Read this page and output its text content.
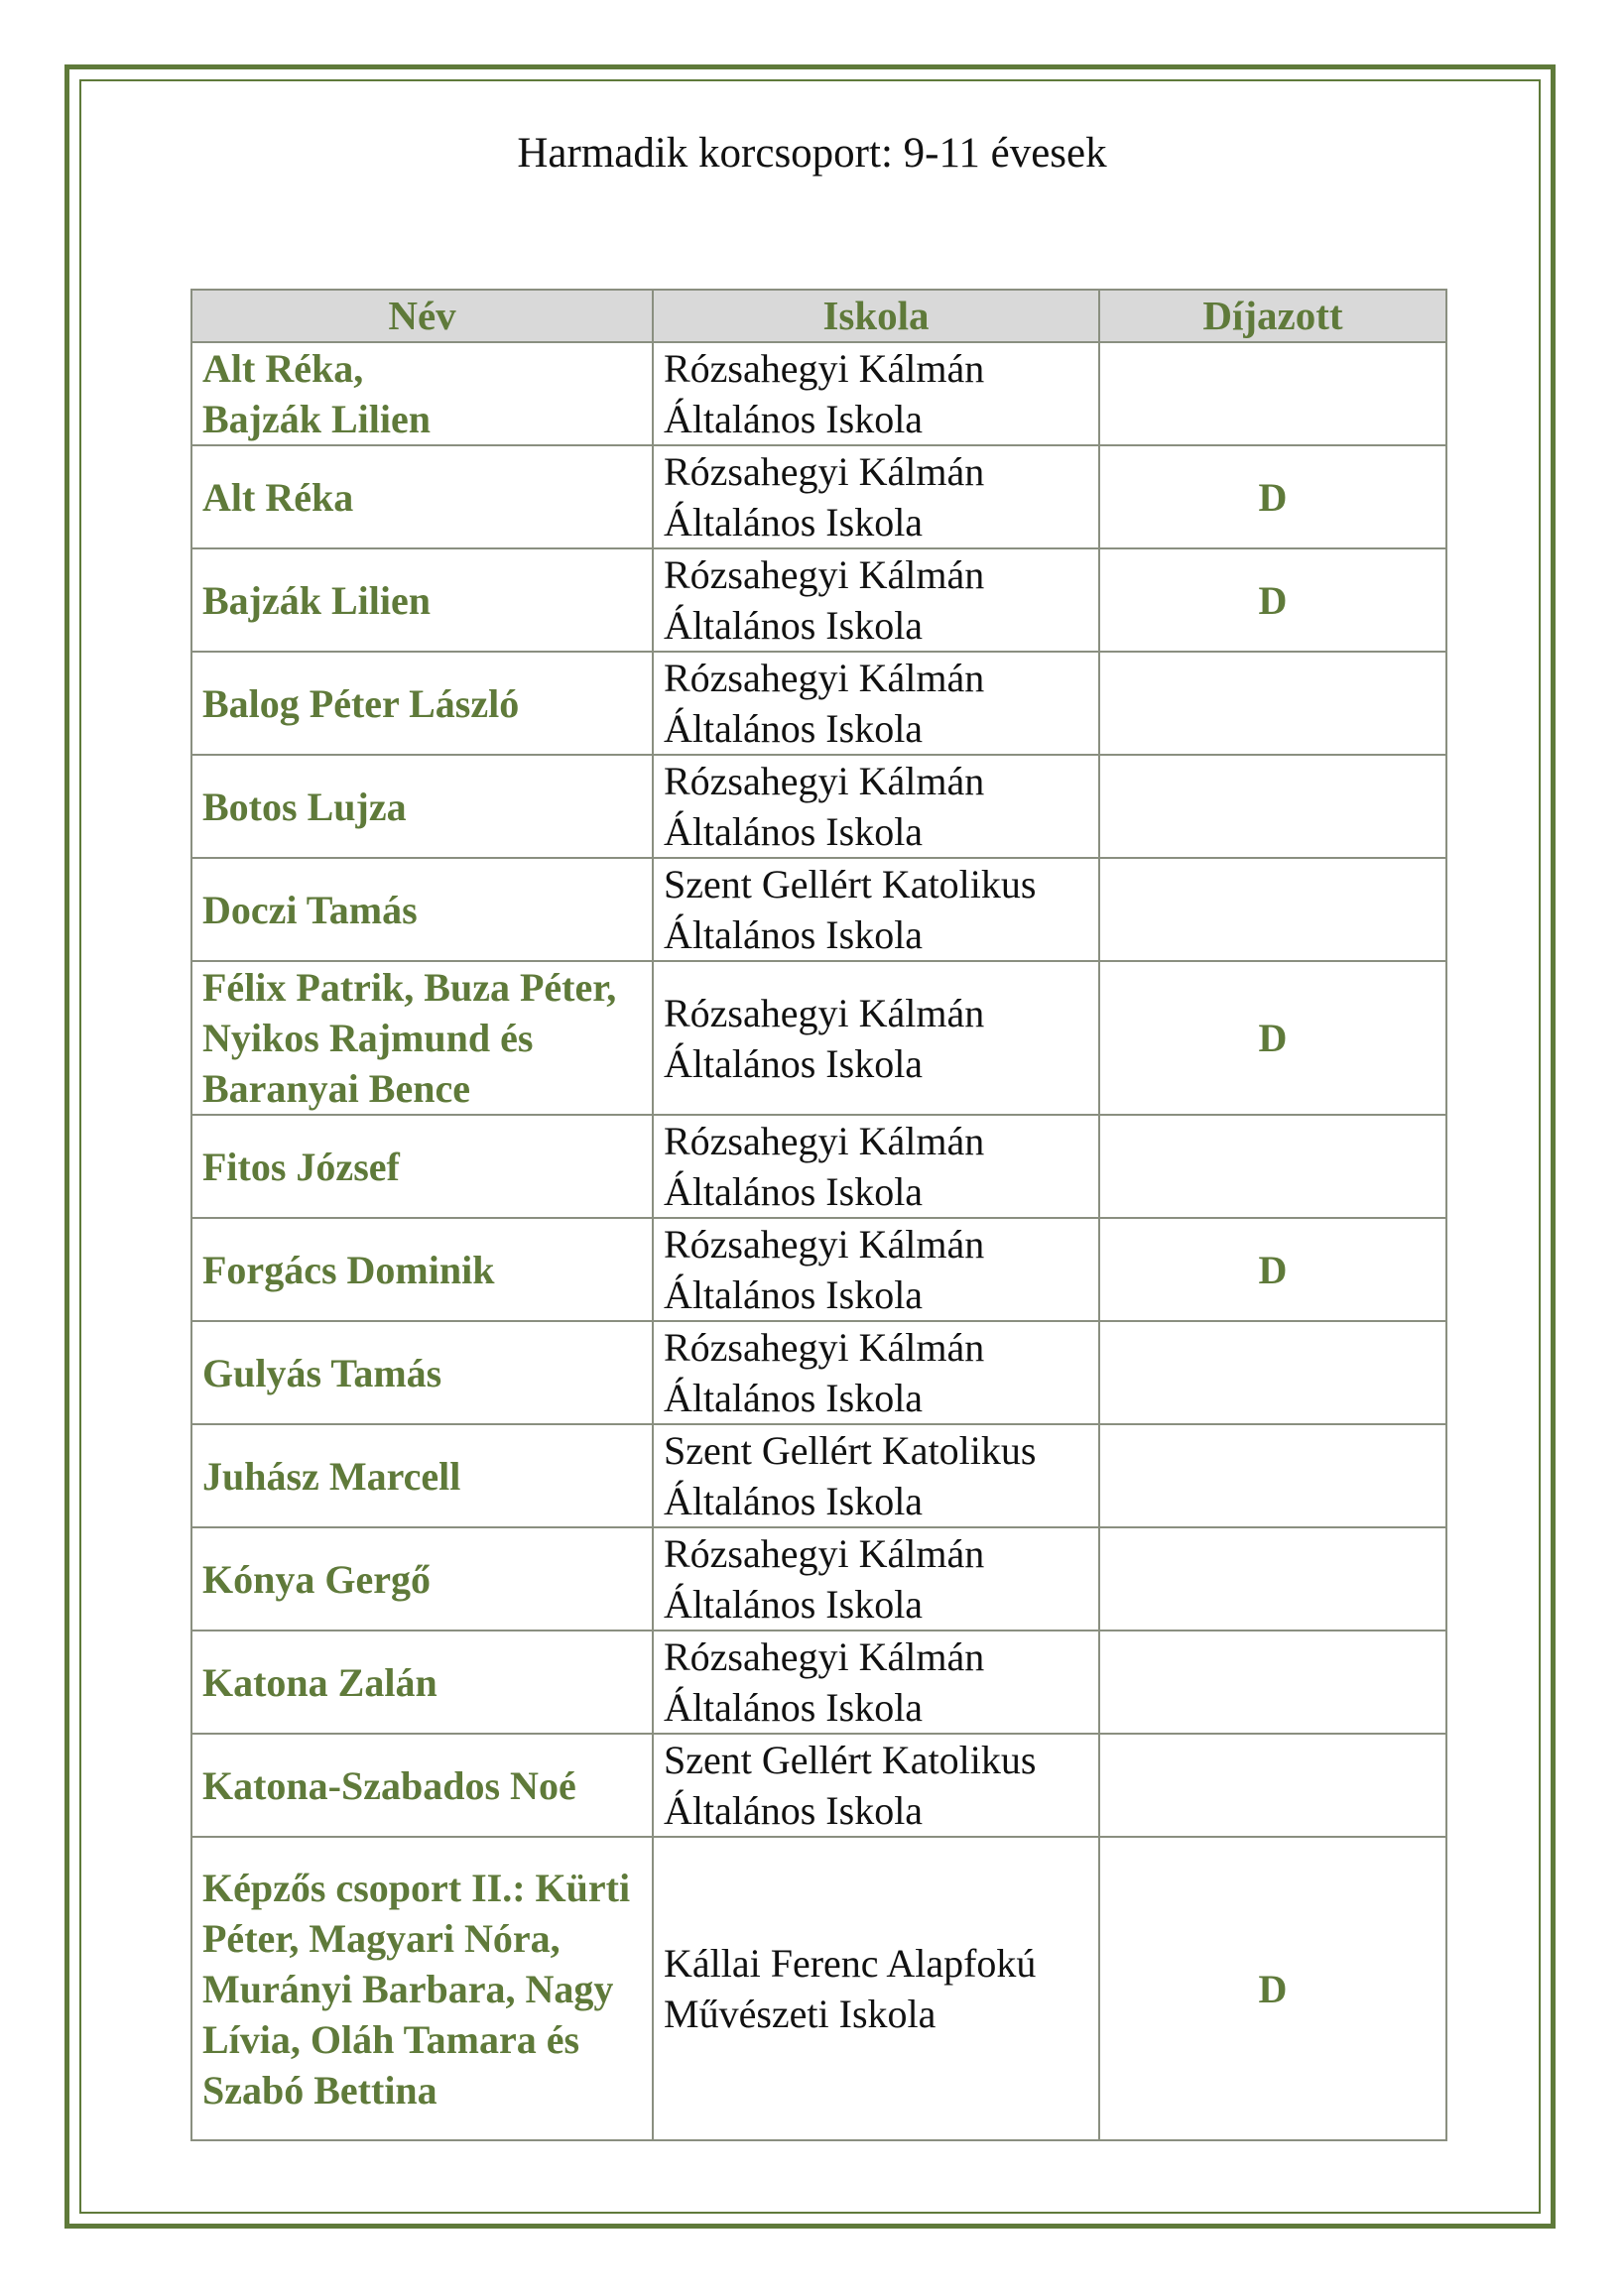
Harmadik korcsoport: 9-11 évesek
Név	Iskola	Díjazott
Alt Réka,
Bajzák Lilien	Rózsahegyi Kálmán
Általános Iskola	
Alt Réka	Rózsahegyi Kálmán
Általános Iskola	D
Bajzák Lilien	Rózsahegyi Kálmán
Általános Iskola	D
Balog Péter László	Rózsahegyi Kálmán
Általános Iskola	
Botos Lujza	Rózsahegyi Kálmán
Általános Iskola	
Doczi Tamás	Szent Gellért Katolikus
Általános Iskola	
Félix Patrik, Buza Péter, Nyikos Rajmund és Baranyai Bence	Rózsahegyi Kálmán
Általános Iskola	D
Fitos József	Rózsahegyi Kálmán
Általános Iskola	
Forgács Dominik	Rózsahegyi Kálmán
Általános Iskola	D
Gulyás Tamás	Rózsahegyi Kálmán
Általános Iskola	
Juhász Marcell	Szent Gellért Katolikus
Általános Iskola	
Kónya Gergő	Rózsahegyi Kálmán
Általános Iskola	
Katona Zalán	Rózsahegyi Kálmán
Általános Iskola	
Katona-Szabados Noé	Szent Gellért Katolikus
Általános Iskola	
Képzős csoport II.: Kürti Péter, Magyari Nóra, Murányi Barbara, Nagy Lívia, Oláh Tamara és Szabó Bettina	Kállai Ferenc Alapfokú
Művészeti Iskola	D
